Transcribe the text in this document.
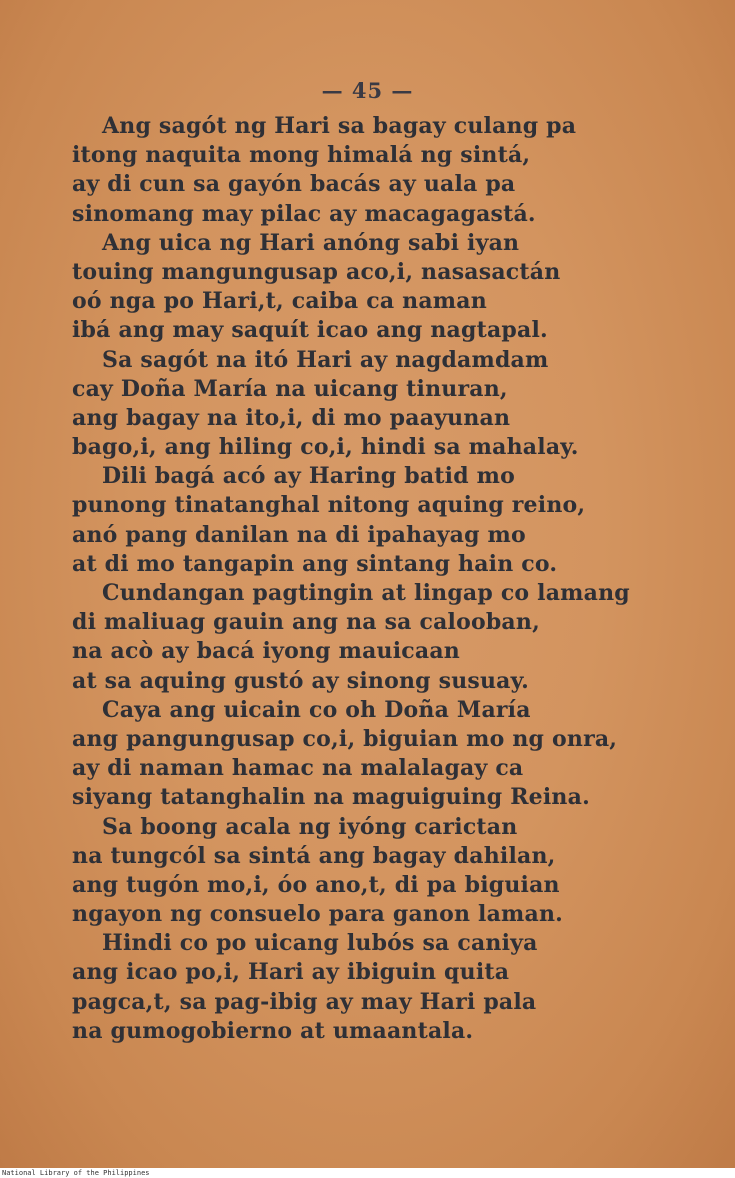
— 45 —
Ang sagót ng Hari sa bagay culang pa
itong naquita mong himalá ng sintá,
ay di cun sa gayón bacás ay uala pa
sinomang may pilac ay macagagastá.
Ang uica ng Hari anóng sabi iyan
touing mangungusap aco,i, nasasactán
oó nga po Hari,t, caiba ca naman
ibá ang may saquít icao ang nagtapal.
Sa sagót na itó Hari ay nagdamdam
cay Doña María na uicang tinuran,
ang bagay na ito,i, di mo paayunan
bago,i, ang hiling co,i, hindi sa mahalay.
Dili bagá acó ay Haring batid mo
punong tinatanghal nitong aquing reino,
anó pang danilan na di ipahayag mo
at di mo tangapin ang sintang hain co.
Cundangan pagtingin at lingap co lamang
di maliuag gauin ang na sa calooban,
na acò ay bacá iyong mauicaan
at sa aquing gustó ay sinong susuay.
Caya ang uicain co oh Doña María
ang pangungusap co,i, biguian mo ng onra,
ay di naman hamac na malalagay ca
siyang tatanghalin na maguiguing Reina.
Sa boong acala ng iyóng carictan
na tungcól sa sintá ang bagay dahilan,
ang tugón mo,i, óo ano,t, di pa biguian
ngayon ng consuelo para ganon laman.
Hindi co po uicang lubós sa caniya
ang icao po,i, Hari ay ibiguin quita
pagca,t, sa pag-ibig ay may Hari pala
na gumogobierno at umaantala.
National Library of the Philippines
